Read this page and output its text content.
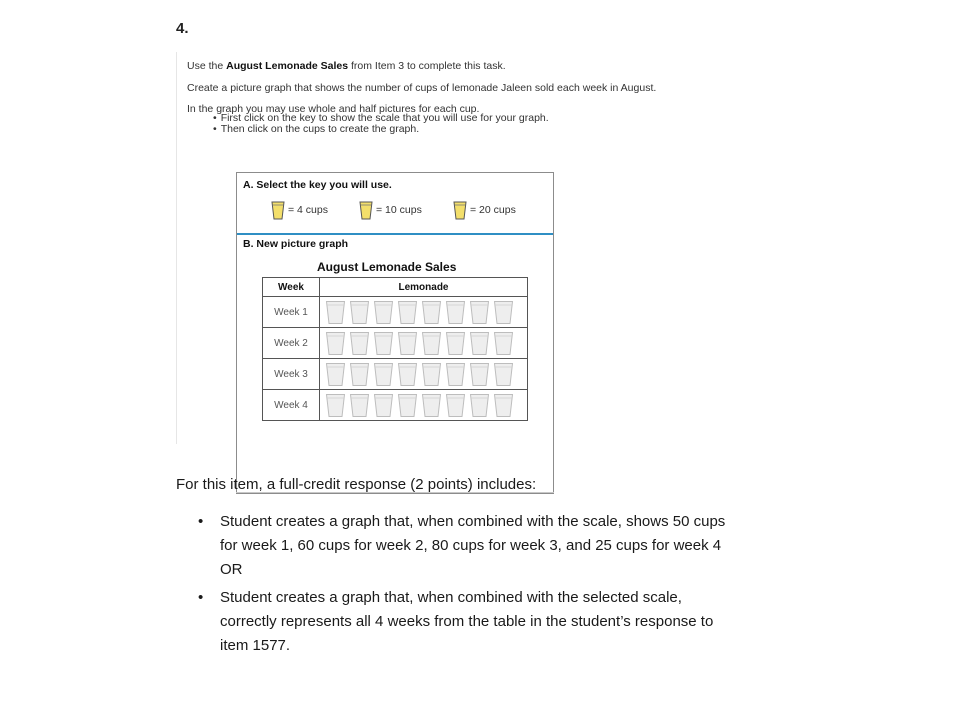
4.
Use the August Lemonade Sales from Item 3 to complete this task.
Create a picture graph that shows the number of cups of lemonade Jaleen sold each week in August.
In the graph you may use whole and half pictures for each cup.
• First click on the key to show the scale that you will use for your graph.
• Then click on the cups to create the graph.
A. Select the key you will use.
= 4 cups	= 10 cups	= 20 cups
B. New picture graph
August Lemonade Sales
Week	Lemonade
Week 1	

Week 2	

Week 3	

Week 4	
For this item, a full-credit response (2 points) includes:
• Student creates a graph that, when combined with the scale, shows 50 cups
for week 1, 60 cups for week 2, 80 cups for week 3, and 25 cups for week 4
OR
• Student creates a graph that, when combined with the selected scale,
correctly represents all 4 weeks from the table in the student’s response to
item 1577.
